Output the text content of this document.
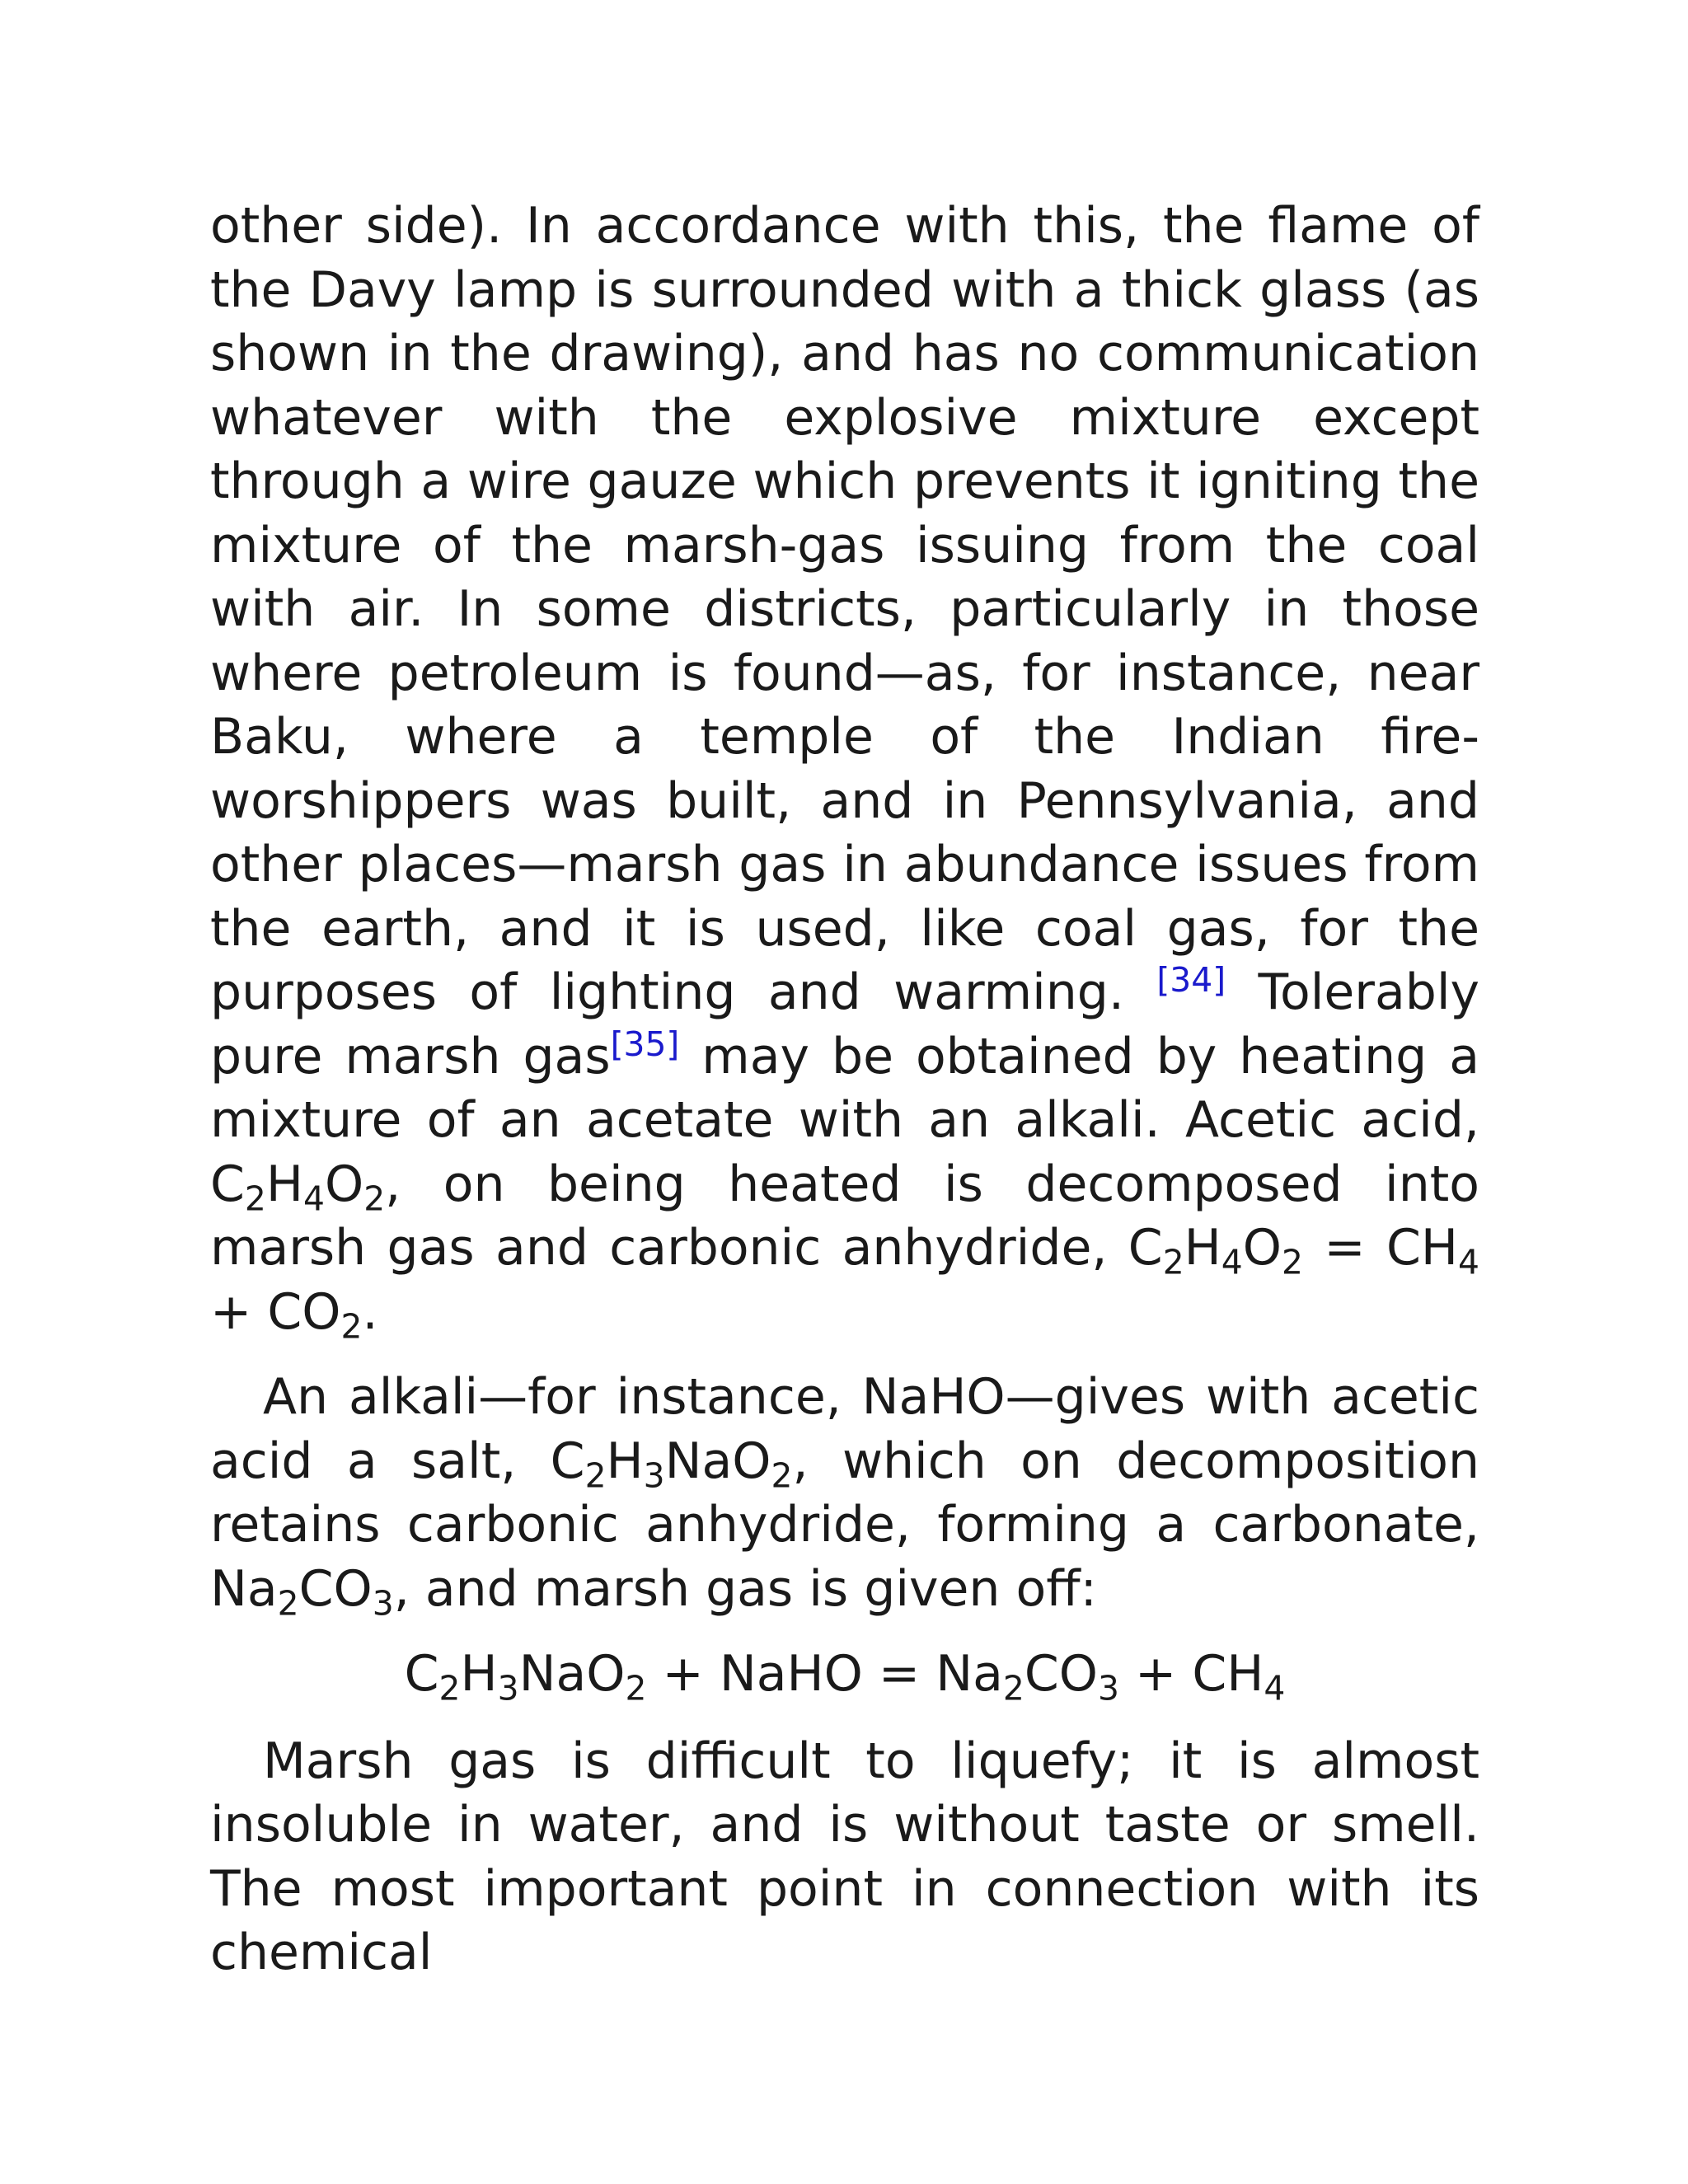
other side). In accordance with this, the flame of the Davy lamp is surrounded with a thick glass (as shown in the drawing), and has no communication whatever with the explosive mixture except through a wire gauze which prevents it igniting the mixture of the marsh-gas issuing from the coal with air. In some districts, particularly in those where petroleum is found—as, for instance, near Baku, where a temple of the Indian fire-worshippers was built, and in Pennsylvania, and other places—marsh gas in abundance issues from the earth, and it is used, like coal gas, for the purposes of lighting and warming. [34] Tolerably pure marsh gas[35] may be obtained by heating a mixture of an acetate with an alkali. Acetic acid, $C_2H_4O_2$, on being heated is decomposed into marsh gas and carbonic anhydride, $C_2H_4O_2 = CH_4 + CO_2$.

An alkali—for instance, NaHO—gives with acetic acid a salt, $C_2H_3NaO_2$, which on decomposition retains carbonic anhydride, forming a carbonate, $Na_2CO_3$, and marsh gas is given off:

$C_2H_3NaO_2$ + NaHO = $Na_2CO_3 + CH_4$

Marsh gas is difficult to liquefy; it is almost insoluble in water, and is without taste or smell. The most important point in connection with its chemical
